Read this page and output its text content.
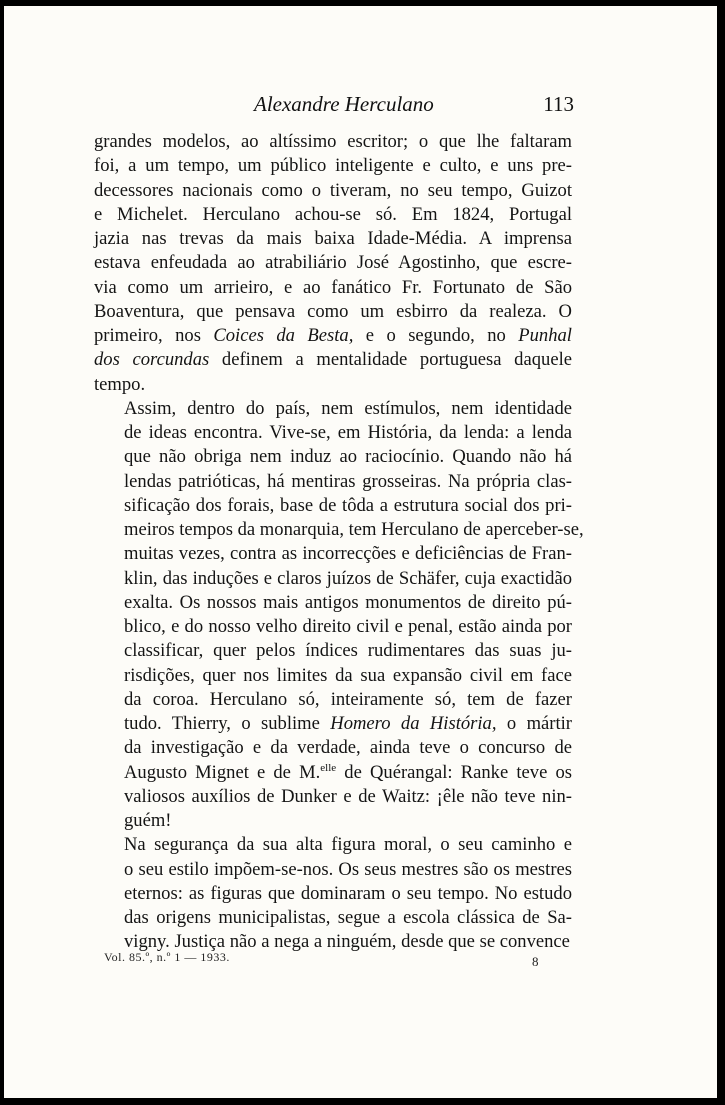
Alexandre Herculano	113

grandes modelos, ao altíssimo escritor; o que lhe faltaram
foi, a um tempo, um público inteligente e culto, e uns pre-
decessores nacionais como o tiveram, no seu tempo, Guizot
e Michelet. Herculano achou-se só. Em 1824, Portugal
jazia nas trevas da mais baixa Idade-Média. A imprensa
estava enfeudada ao atrabiliário José Agostinho, que escre-
via como um arrieiro, e ao fanático Fr. Fortunato de São
Boaventura, que pensava como um esbirro da realeza. O
primeiro, nos Coices da Besta, e o segundo, no Punhal
dos corcundas definem a mentalidade portuguesa daquele
tempo.

Assim, dentro do país, nem estímulos, nem identidade
de ideas encontra. Vive-se, em História, da lenda: a lenda
que não obriga nem induz ao raciocínio. Quando não há
lendas patrióticas, há mentiras grosseiras. Na própria clas-
sificação dos forais, base de tôda a estrutura social dos pri-
meiros tempos da monarquia, tem Herculano de aperceber-se,
muitas vezes, contra as incorrecções e deficiências de Fran-
klin, das induções e claros juízos de Schäfer, cuja exactidão
exalta. Os nossos mais antigos monumentos de direito pú-
blico, e do nosso velho direito civil e penal, estão ainda por
classificar, quer pelos índices rudimentares das suas ju-
risdições, quer nos limites da sua expansão civil em face
da coroa. Herculano só, inteiramente só, tem de fazer
tudo. Thierry, o sublime Homero da História, o mártir
da investigação e da verdade, ainda teve o concurso de
Augusto Mignet e de M.$^{elle}$ de Quérangal: Ranke teve os
valiosos auxílios de Dunker e de Waitz: ¡êle não teve nin-
guém!

Na segurança da sua alta figura moral, o seu caminho e
o seu estilo impõem-se-nos. Os seus mestres são os mestres
eternos: as figuras que dominaram o seu tempo. No estudo
das origens municipalistas, segue a escola clássica de Sa-
vigny. Justiça não a nega a ninguém, desde que se convence

Vol. 85.º, n.º 1 — 1933.	8
